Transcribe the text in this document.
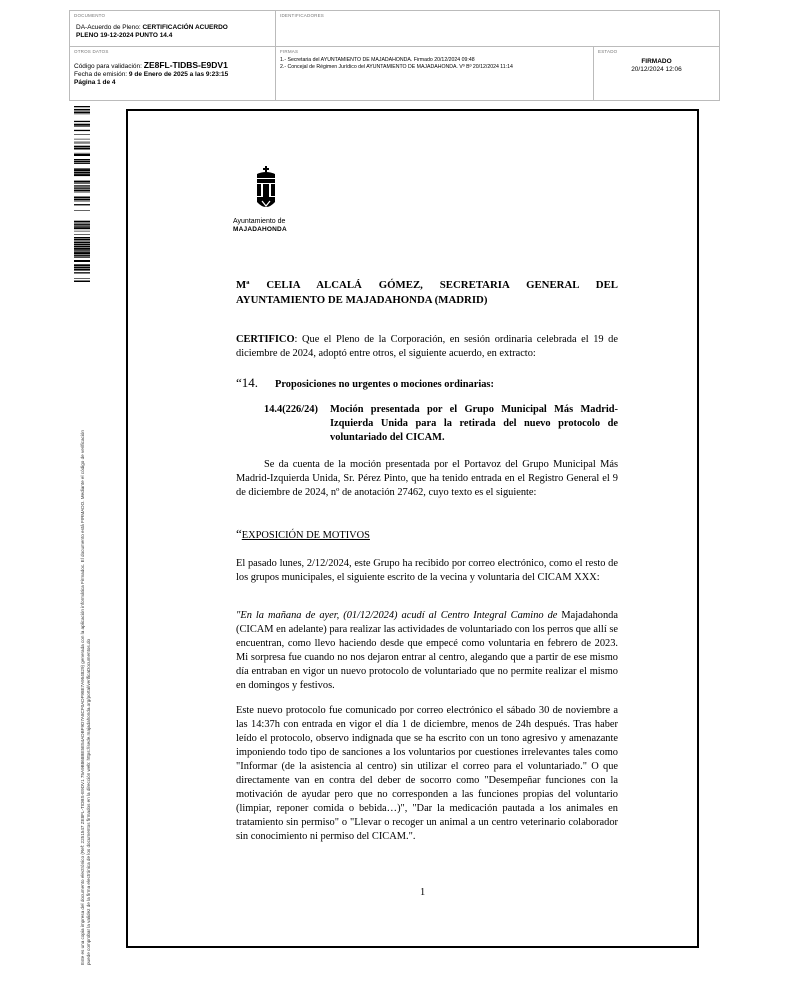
DOCUMENTO
DA-Acuerdo de Pleno: CERTIFICACIÓN ACUERDO
PLENO 19-12-2024 PUNTO 14.4
IDENTIFICADORES
OTROS DATOS
Código para validación: ZE8FL-TIDBS-E9DV1
Fecha de emisión: 9 de Enero de 2025 a las 9:23:15
Página 1 de 4
FIRMAS
1.- Secretaria del AYUNTAMIENTO DE MAJADAHONDA. Firmado 20/12/2024 09:48
2.- Concejal de Régimen Jurídico del AYUNTAMIENTO DE MAJADAHONDA. Vº Bº 20/12/2024 11:14
ESTADO
FIRMADO
20/12/2024 12:06
Este es una copia impresa del documento electrónico (Ref: 2251547 ZE8FL-TIDBS-E9DV1 75A9B868BE5E54ADBF9D7A8CF0ADF98E7A954829) generada con la aplicación informática Firmadoc. El documento está FIRMADO. Mediante el código de verificación puede comprobar la validez de la firma electrónica de los documentos firmados en la dirección web: https://sede.majadahonda.org/portal/verificaDocumentos.do
Ayuntamiento de
MAJADAHONDA
Mª CELIA ALCALÁ GÓMEZ, SECRETARIA GENERAL DEL AYUNTAMIENTO DE MAJADAHONDA (MADRID)
CERTIFICO: Que el Pleno de la Corporación, en sesión ordinaria celebrada el 19 de diciembre de 2024, adoptó entre otros, el siguiente acuerdo, en extracto:
“14. Proposiciones no urgentes o mociones ordinarias:
14.4(226/24) Moción presentada por el Grupo Municipal Más Madrid-Izquierda Unida para la retirada del nuevo protocolo de voluntariado del CICAM.
Se da cuenta de la moción presentada por el Portavoz del Grupo Municipal Más Madrid-Izquierda Unida, Sr. Pérez Pinto, que ha tenido entrada en el Registro General el 9 de diciembre de 2024, nº de anotación 27462, cuyo texto es el siguiente:
“EXPOSICIÓN DE MOTIVOS
El pasado lunes, 2/12/2024, este Grupo ha recibido por correo electrónico, como el resto de los grupos municipales, el siguiente escrito de la vecina y voluntaria del CICAM XXX:
"En la mañana de ayer, (01/12/2024) acudí al Centro Integral Camino de Majadahonda (CICAM en adelante) para realizar las actividades de voluntariado con los perros que allí se encuentran, como llevo haciendo desde que empecé como voluntaria en febrero de 2023. Mi sorpresa fue cuando no nos dejaron entrar al centro, alegando que a partir de ese mismo día entraban en vigor un nuevo protocolo de voluntariado que no permite realizar el mismo en domingos y festivos.
Este nuevo protocolo fue comunicado por correo electrónico el sábado 30 de noviembre a las 14:37h con entrada en vigor el día 1 de diciembre, menos de 24h después. Tras haber leído el protocolo, observo indignada que se ha escrito con un tono agresivo y amenazante imponiendo todo tipo de sanciones a los voluntarios por cuestiones irrelevantes tales como "Informar (de la asistencia al centro) sin utilizar el correo para el voluntariado." O que directamente van en contra del deber de socorro como "Desempeñar funciones con la motivación de ayudar pero que no corresponden a las funciones propias del voluntario (limpiar, reponer comida o bebida…)", "Dar la medicación pautada a los animales en tratamiento sin permiso" o "Llevar o recoger un animal a un centro veterinario colaborador sin conocimiento ni permiso del CICAM.".
1
